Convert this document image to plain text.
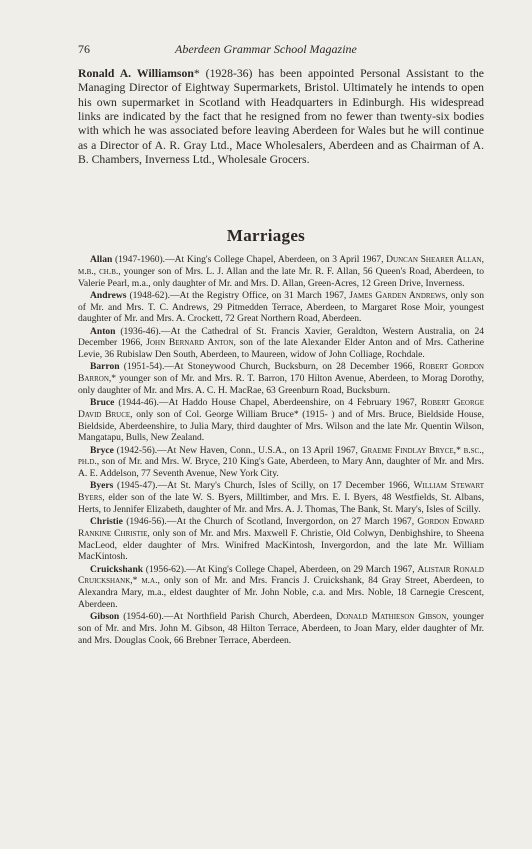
76	Aberdeen Grammar School Magazine

Ronald A. Williamson* (1928-36) has been appointed Personal Assistant to the Managing Director of Eightway Supermarkets, Bristol. Ultimately he intends to open his own supermarket in Scotland with Headquarters in Edinburgh. His widespread links are indicated by the fact that he resigned from no fewer than twenty-six bodies with which he was associated before leaving Aberdeen for Wales but he will continue as a Director of A. R. Gray Ltd., Mace Wholesalers, Aberdeen and as Chairman of A. B. Chambers, Inverness Ltd., Wholesale Grocers.

Marriages

Allan (1947-1960).—At King's College Chapel, Aberdeen, on 3 April 1967, Duncan Shearer Allan, m.b., ch.b., younger son of Mrs. L. J. Allan and the late Mr. R. F. Allan, 56 Queen's Road, Aberdeen, to Valerie Pearl, m.a., only daughter of Mr. and Mrs. D. Allan, Green-Acres, 12 Green Drive, Inverness.

Andrews (1948-62).—At the Registry Office, on 31 March 1967, James Garden Andrews, only son of Mr. and Mrs. T. C. Andrews, 29 Pitmedden Terrace, Aberdeen, to Margaret Rose Moir, youngest daughter of Mr. and Mrs. A. Crockett, 72 Great Northern Road, Aberdeen.

Anton (1936-46).—At the Cathedral of St. Francis Xavier, Geraldton, Western Australia, on 24 December 1966, John Bernard Anton, son of the late Alexander Elder Anton and of Mrs. Catherine Levie, 36 Rubislaw Den South, Aberdeen, to Maureen, widow of John Colliage, Rochdale.

Barron (1951-54).—At Stoneywood Church, Bucksburn, on 28 December 1966, Robert Gordon Barron,* younger son of Mr. and Mrs. R. T. Barron, 170 Hilton Avenue, Aberdeen, to Morag Dorothy, only daughter of Mr. and Mrs. A. C. H. MacRae, 63 Greenburn Road, Bucksburn.

Bruce (1944-46).—At Haddo House Chapel, Aberdeenshire, on 4 February 1967, Robert George David Bruce, only son of Col. George William Bruce* (1915- ) and of Mrs. Bruce, Bieldside House, Bieldside, Aberdeenshire, to Julia Mary, third daughter of Mrs. Wilson and the late Mr. Quentin Wilson, Mangatapu, Bulls, New Zealand.

Bryce (1942-56).—At New Haven, Conn., U.S.A., on 13 April 1967, Graeme Findlay Bryce,* b.sc., ph.d., son of Mr. and Mrs. W. Bryce, 210 King's Gate, Aberdeen, to Mary Ann, daughter of Mr. and Mrs. A. E. Addelson, 77 Seventh Avenue, New York City.

Byers (1945-47).—At St. Mary's Church, Isles of Scilly, on 17 December 1966, William Stewart Byers, elder son of the late W. S. Byers, Milltimber, and Mrs. E. I. Byers, 48 Westfields, St. Albans, Herts, to Jennifer Elizabeth, daughter of Mr. and Mrs. A. J. Thomas, The Bank, St. Mary's, Isles of Scilly.

Christie (1946-56).—At the Church of Scotland, Invergordon, on 27 March 1967, Gordon Edward Rankine Christie, only son of Mr. and Mrs. Maxwell F. Christie, Old Colwyn, Denbighshire, to Sheena MacLeod, elder daughter of Mrs. Winifred MacKintosh, Invergordon, and the late Mr. William MacKintosh.

Cruickshank (1956-62).—At King's College Chapel, Aberdeen, on 29 March 1967, Alistair Ronald Cruickshank,* m.a., only son of Mr. and Mrs. Francis J. Cruickshank, 84 Gray Street, Aberdeen, to Alexandra Mary, m.a., eldest daughter of Mr. John Noble, c.a. and Mrs. Noble, 18 Carnegie Crescent, Aberdeen.

Gibson (1954-60).—At Northfield Parish Church, Aberdeen, Donald Mathieson Gibson, younger son of Mr. and Mrs. John M. Gibson, 48 Hilton Terrace, Aberdeen, to Joan Mary, elder daughter of Mr. and Mrs. Douglas Cook, 66 Brebner Terrace, Aberdeen.
